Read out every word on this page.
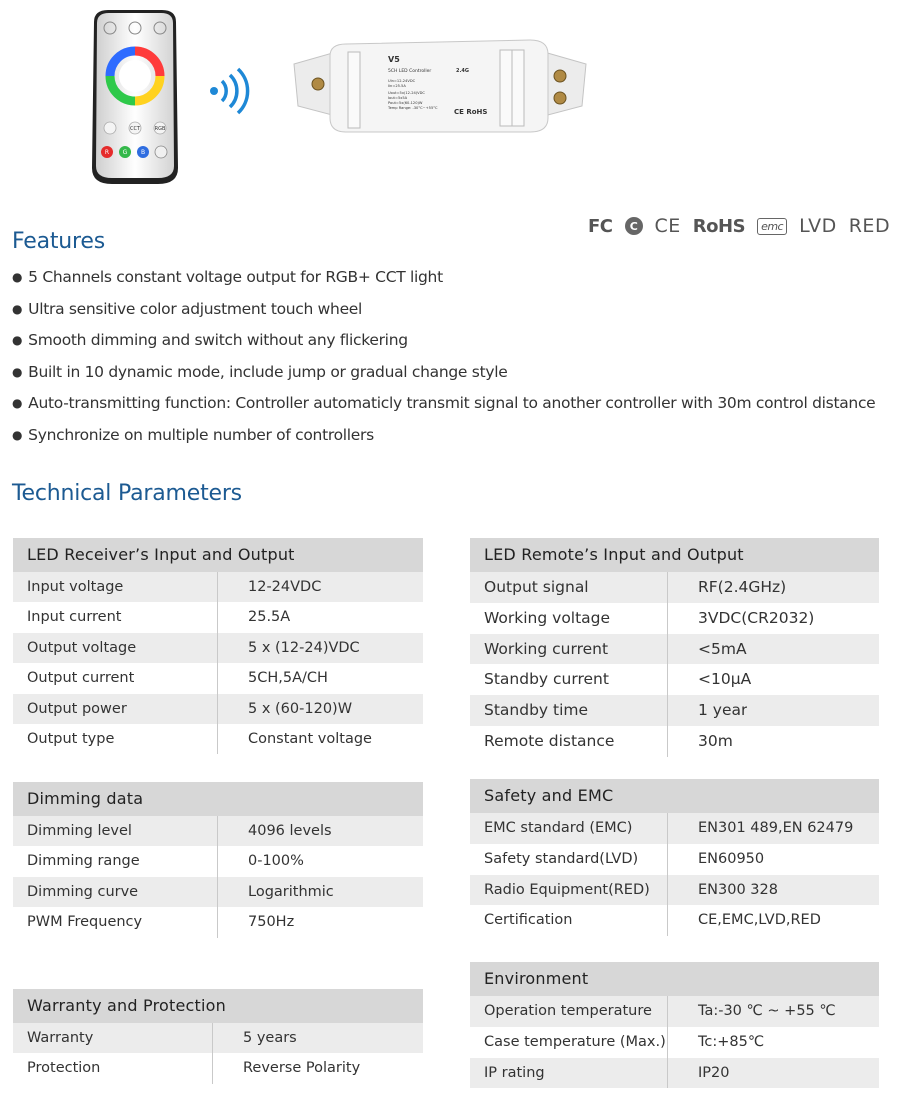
CCT	RGB
R G B
V5
5CH LED Controller
Uin=12-24VDC
Iin=25.5A
Uout=5x(12-24)VDC
Iout=5x5A
Pout=5x(60-120)W
Temp Range: -30°C~+55°C
2.4G
CE RoHS
FC	C CE RoHS	emc LVD RED
Features
● 5 Channels constant voltage output for RGB+ CCT light
● Ultra sensitive color adjustment touch wheel
● Smooth dimming and switch without any flickering
● Built in 10 dynamic mode, include jump or gradual change style
● Auto-transmitting function: Controller automaticly transmit signal to another controller with 30m control distance
● Synchronize on multiple number of controllers
Technical Parameters
LED Receiver’s Input and Output
Input voltage	12-24VDC
Input current	25.5A
Output voltage	5 x (12-24)VDC
Output current	5CH,5A/CH
Output power	5 x (60-120)W
Output type	Constant voltage
Dimming data
Dimming level	4096 levels
Dimming range	0-100%
Dimming curve	Logarithmic
PWM Frequency	750Hz
Warranty and Protection
Warranty	5 years
Protection	Reverse Polarity
LED Remote’s Input and Output
Output signal	RF(2.4GHz)
Working voltage	3VDC(CR2032)
Working current	<5mA
Standby current	<10μA
Standby time	1 year
Remote distance	30m
Safety and EMC
EMC standard (EMC)	EN301 489,EN 62479
Safety standard(LVD)	EN60950
Radio Equipment(RED)	EN300 328
Certification	CE,EMC,LVD,RED
Environment
Operation temperature	Ta:-30 ℃ ~ +55 ℃
Case temperature (Max.)	Tc:+85℃
IP rating	IP20
